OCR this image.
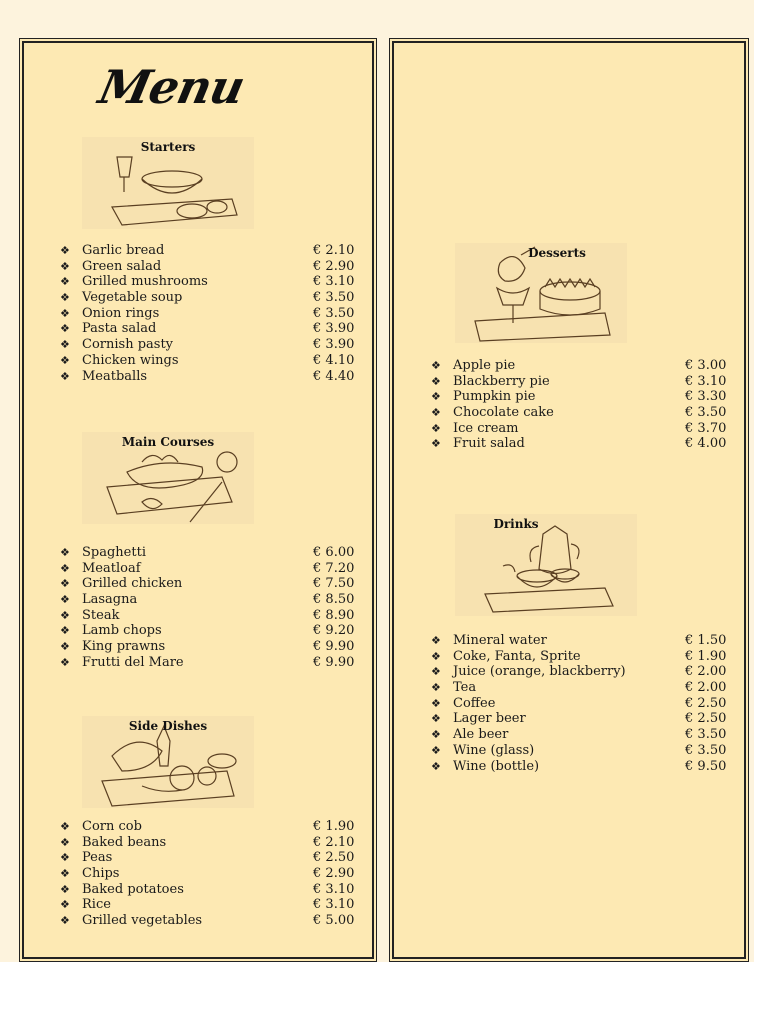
Menu
Starters
❖ Garlic bread	€ 2.10
❖ Green salad	€ 2.90
❖ Grilled mushrooms	€ 3.10
❖ Vegetable soup	€ 3.50
❖ Onion rings	€ 3.50
❖ Pasta salad	€ 3.90
❖ Cornish pasty	€ 3.90
❖ Chicken wings	€ 4.10
❖ Meatballs	€ 4.40
Main Courses
❖ Spaghetti	€ 6.00
❖ Meatloaf	€ 7.20
❖ Grilled chicken	€ 7.50
❖ Lasagna	€ 8.50
❖ Steak	€ 8.90
❖ Lamb chops	€ 9.20
❖ King prawns	€ 9.90
❖ Frutti del Mare	€ 9.90
Side Dishes
❖ Corn cob	€ 1.90
❖ Baked beans	€ 2.10
❖ Peas	€ 2.50
❖ Chips	€ 2.90
❖ Baked potatoes	€ 3.10
❖ Rice	€ 3.10
❖ Grilled vegetables	€ 5.00
Desserts
❖ Apple pie	€ 3.00
❖ Blackberry pie	€ 3.10
❖ Pumpkin pie	€ 3.30
❖ Chocolate cake	€ 3.50
❖ Ice cream	€ 3.70
❖ Fruit salad	€ 4.00
Drinks
❖ Mineral water	€ 1.50
❖ Coke, Fanta, Sprite	€ 1.90
❖ Juice (orange, blackberry)	€ 2.00
❖ Tea	€ 2.00
❖ Coffee	€ 2.50
❖ Lager beer	€ 2.50
❖ Ale beer	€ 3.50
❖ Wine (glass)	€ 3.50
❖ Wine (bottle)	€ 9.50
